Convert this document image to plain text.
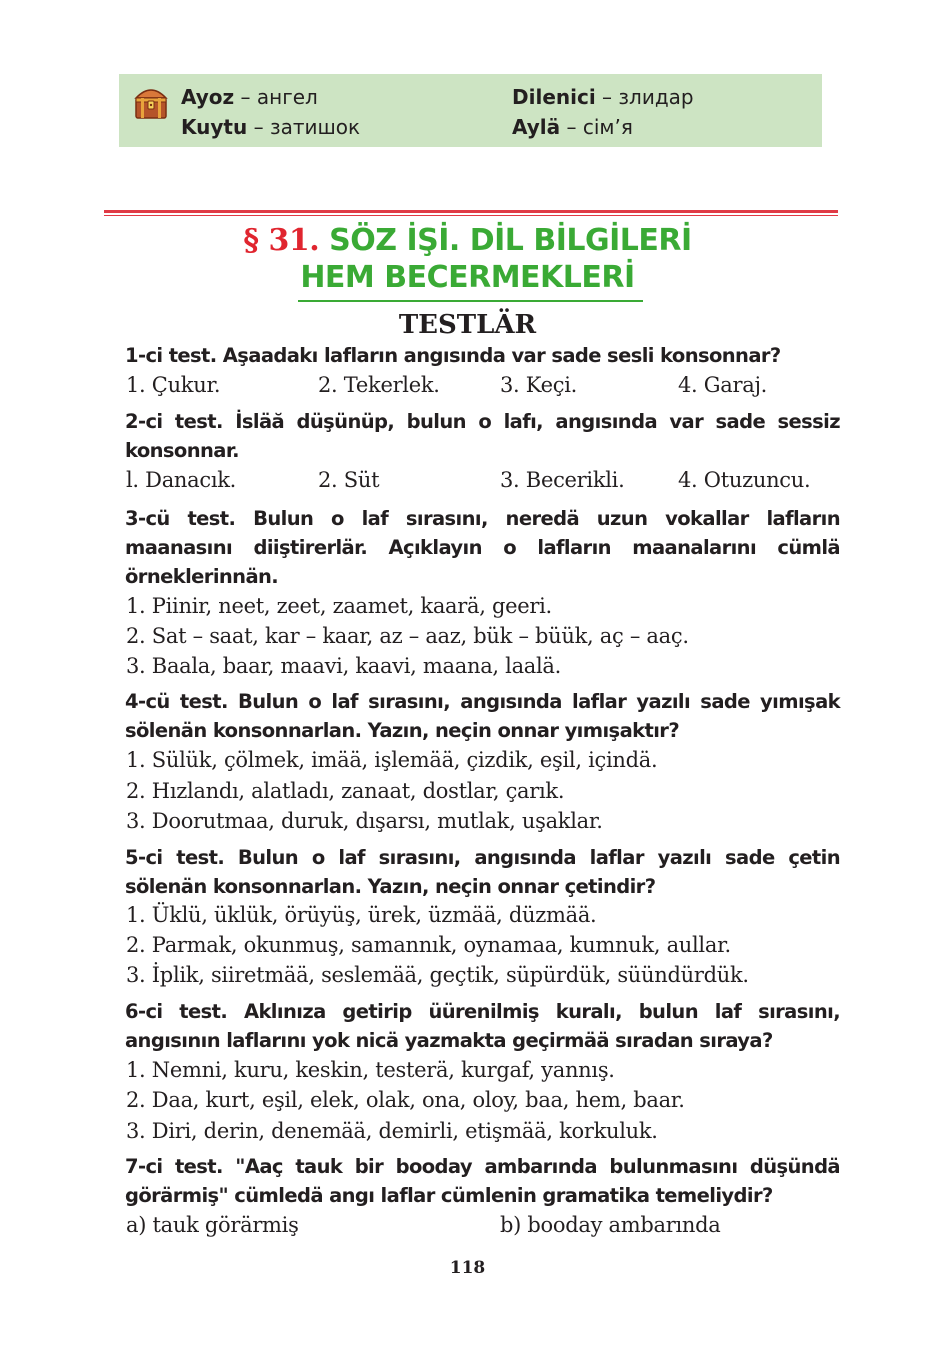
Ayoz – ангел	Dilenici – злидар
Kuytu – затишок	Aylä – сім’я
§ 31. SÖZ İŞİ. DİL BİLGİLERİ
HEM BECERMEKLERİ
TESTLÄR
1-ci test. Aşaadakı lafların angısında var sade sesli konsonnar?
1. Çukur.	2. Tekerlek.	3. Keçi.	4. Garaj.
2-ci test. İsläă düşünüp, bulun o lafı, angısında var sade sessiz konsonnar.
l. Danacık.	2. Süt	3. Becerikli.	4. Otuzuncu.
3-cü test. Bulun o laf sırasını, neredä uzun vokallar lafların maanasını diiştirerlär. Açıklayın o lafların maanalarını cümlä örneklerinnän.
1. Piinir, neet, zeet, zaamet, kaarä, geeri.
2. Sat – saat, kar – kaar, az – aaz, bük – büük, aç – aaç.
3. Baala, baar, maavi, kaavi, maana, laalä.
4-cü test. Bulun o laf sırasını, angısında laflar yazılı sade yımışak sölenän konsonnarlan. Yazın, neçin onnar yımışaktır?
1. Sülük, çölmek, imää, işlemää, çizdik, eşil, içindä.
2. Hızlandı, alatladı, zanaat, dostlar, çarık.
3. Doorutmaa, duruk, dışarsı, mutlak, uşaklar.
5-ci test. Bulun o laf sırasını, angısında laflar yazılı sade çetin sölenän konsonnarlan. Yazın, neçin onnar çetindir?
1. Üklü, üklük, örüyüş, ürek, üzmää, düzmää.
2. Parmak, okunmuş, samannık, oynamaa, kumnuk, aullar.
3. İplik, siiretmää, seslemää, geçtik, süpürdük, süündürdük.
6-ci test. Aklınıza getirip üürenilmiş kuralı, bulun laf sırasını, angısının laflarını yok nicä yazmakta geçirmää sıradan sıraya?
1. Nemni, kuru, keskin, testerä, kurgaf, yannış.
2. Daa, kurt, eşil, elek, olak, ona, oloy, baa, hem, baar.
3. Diri, derin, denemää, demirli, etişmää, korkuluk.
7-ci test. "Aaç tauk bir booday ambarında bulunmasını düşündä görärmiş" cümledä angı laflar cümlenin gramatika temeliydir?
a) tauk görärmiş	b) booday ambarında
118
